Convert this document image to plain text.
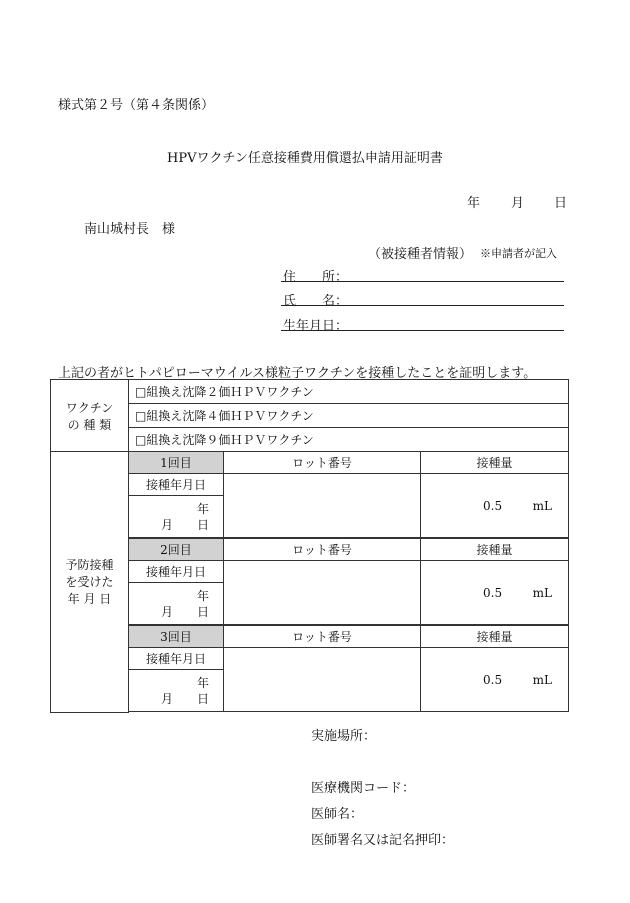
様式第２号（第４条関係）
HPVワクチン任意接種費用償還払申請用証明書
年 月 日
南山城村長　様
（被接種者情報） ※申請者が記入
住　　所：
氏　　名：
生年月日：
上記の者がヒトパピローマウイルス様粒子ワクチンを接種したことを証明します。
ワクチン
の 種 類	□組換え沈降２価ＨＰＶワクチン		
	□組換え沈降４価ＨＰＶワクチン		
	□組換え沈降９価ＨＰＶワクチン		
予防接種
を受けた
年 月 日	1回目	ロット番号	接種量
	接種年月日		0.5 mL

	年
月 日		

	2回目	ロット番号	接種量
	接種年月日		0.5 mL

	年
月 日		

	3回目	ロット番号	接種量
	接種年月日		0.5 mL

	年
月 日		

実施場所：
医療機関コード：
医師名：
医師署名又は記名押印：
